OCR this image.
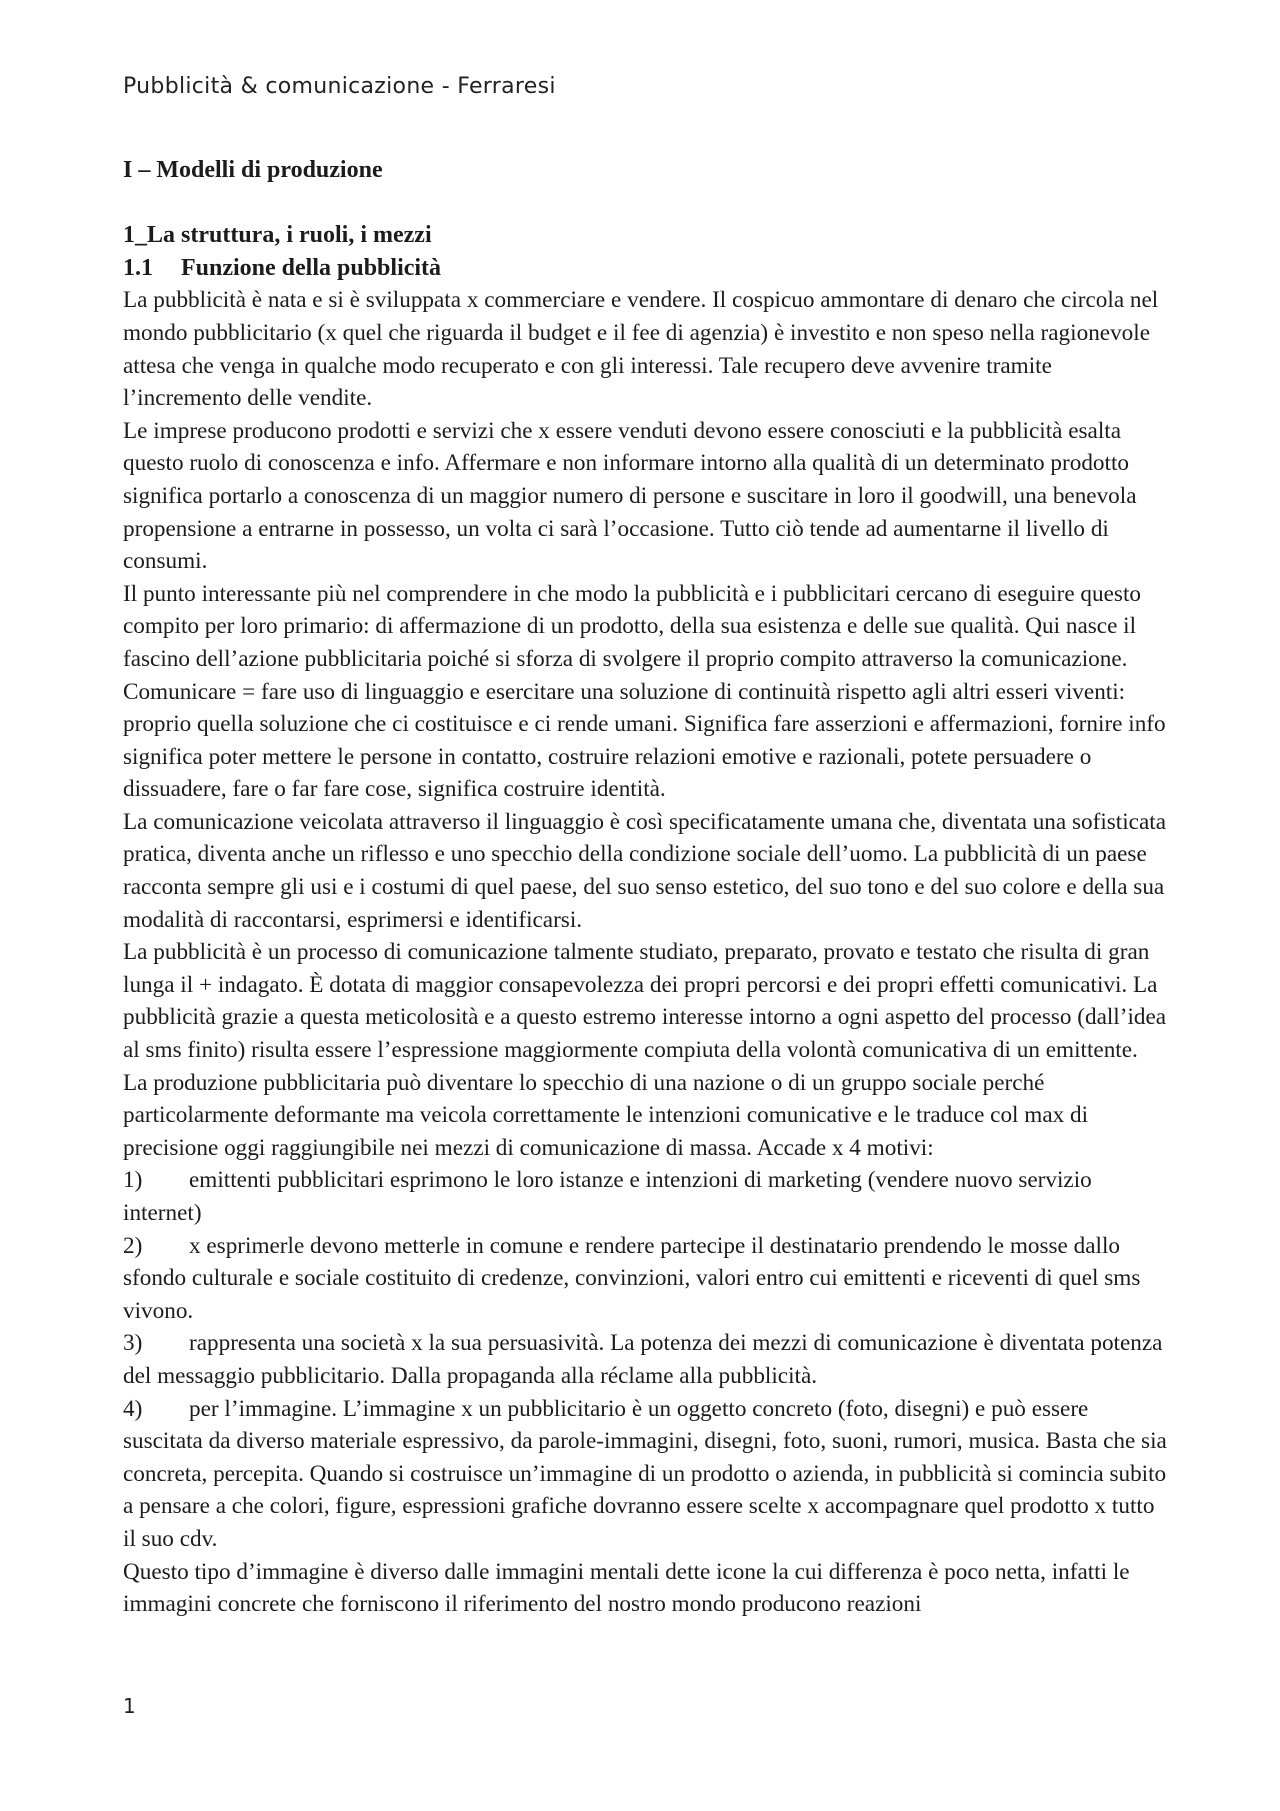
Pubblicità & comunicazione - Ferraresi

I – Modelli di produzione

1_La struttura, i ruoli, i mezzi

1.1 Funzione della pubblicità

La pubblicità è nata e si è sviluppata x commerciare e vendere. Il cospicuo ammontare di denaro che circola nel mondo pubblicitario (x quel che riguarda il budget e il fee di agenzia) è investito e non speso nella ragionevole attesa che venga in qualche modo recuperato e con gli interessi. Tale recupero deve avvenire tramite l’incremento delle vendite.

Le imprese producono prodotti e servizi che x essere venduti devono essere conosciuti e la pubblicità esalta questo ruolo di conoscenza e info. Affermare e non informare intorno alla qualità di un determinato prodotto significa portarlo a conoscenza di un maggior numero di persone e suscitare in loro il goodwill, una benevola propensione a entrarne in possesso, un volta ci sarà l’occasione. Tutto ciò tende ad aumentarne il livello di consumi.

Il punto interessante più nel comprendere in che modo la pubblicità e i pubblicitari cercano di eseguire questo compito per loro primario: di affermazione di un prodotto, della sua esistenza e delle sue qualità. Qui nasce il fascino dell’azione pubblicitaria poiché si sforza di svolgere il proprio compito attraverso la comunicazione.

Comunicare = fare uso di linguaggio e esercitare una soluzione di continuità rispetto agli altri esseri viventi: proprio quella soluzione che ci costituisce e ci rende umani. Significa fare asserzioni e affermazioni, fornire info significa poter mettere le persone in contatto, costruire relazioni emotive e razionali, potete persuadere o dissuadere, fare o far fare cose, significa costruire identità.

La comunicazione veicolata attraverso il linguaggio è così specificatamente umana che, diventata una sofisticata pratica, diventa anche un riflesso e uno specchio della condizione sociale dell’uomo. La pubblicità di un paese racconta sempre gli usi e i costumi di quel paese, del suo senso estetico, del suo tono e del suo colore e della sua modalità di raccontarsi, esprimersi e identificarsi.

La pubblicità è un processo di comunicazione talmente studiato, preparato, provato e testato che risulta di gran lunga il + indagato. È dotata di maggior consapevolezza dei propri percorsi e dei propri effetti comunicativi. La pubblicità grazie a questa meticolosità e a questo estremo interesse intorno a ogni aspetto del processo (dall’idea al sms finito) risulta essere l’espressione maggiormente compiuta della volontà comunicativa di un emittente.

La produzione pubblicitaria può diventare lo specchio di una nazione o di un gruppo sociale perché particolarmente deformante ma veicola correttamente le intenzioni comunicative e le traduce col max di precisione oggi raggiungibile nei mezzi di comunicazione di massa. Accade x 4 motivi:

1) emittenti pubblicitari esprimono le loro istanze e intenzioni di marketing (vendere nuovo servizio internet)

2) x esprimerle devono metterle in comune e rendere partecipe il destinatario prendendo le mosse dallo sfondo culturale e sociale costituito di credenze, convinzioni, valori entro cui emittenti e riceventi di quel sms vivono.

3) rappresenta una società x la sua persuasività. La potenza dei mezzi di comunicazione è diventata potenza del messaggio pubblicitario. Dalla propaganda alla réclame alla pubblicità.

4) per l’immagine. L’immagine x un pubblicitario è un oggetto concreto (foto, disegni) e può essere suscitata da diverso materiale espressivo, da parole-immagini, disegni, foto, suoni, rumori, musica. Basta che sia concreta, percepita. Quando si costruisce un’immagine di un prodotto o azienda, in pubblicità si comincia subito a pensare a che colori, figure, espressioni grafiche dovranno essere scelte x accompagnare quel prodotto x tutto il suo cdv.

Questo tipo d’immagine è diverso dalle immagini mentali dette icone la cui differenza è poco netta, infatti le immagini concrete che forniscono il riferimento del nostro mondo producono reazioni

1
